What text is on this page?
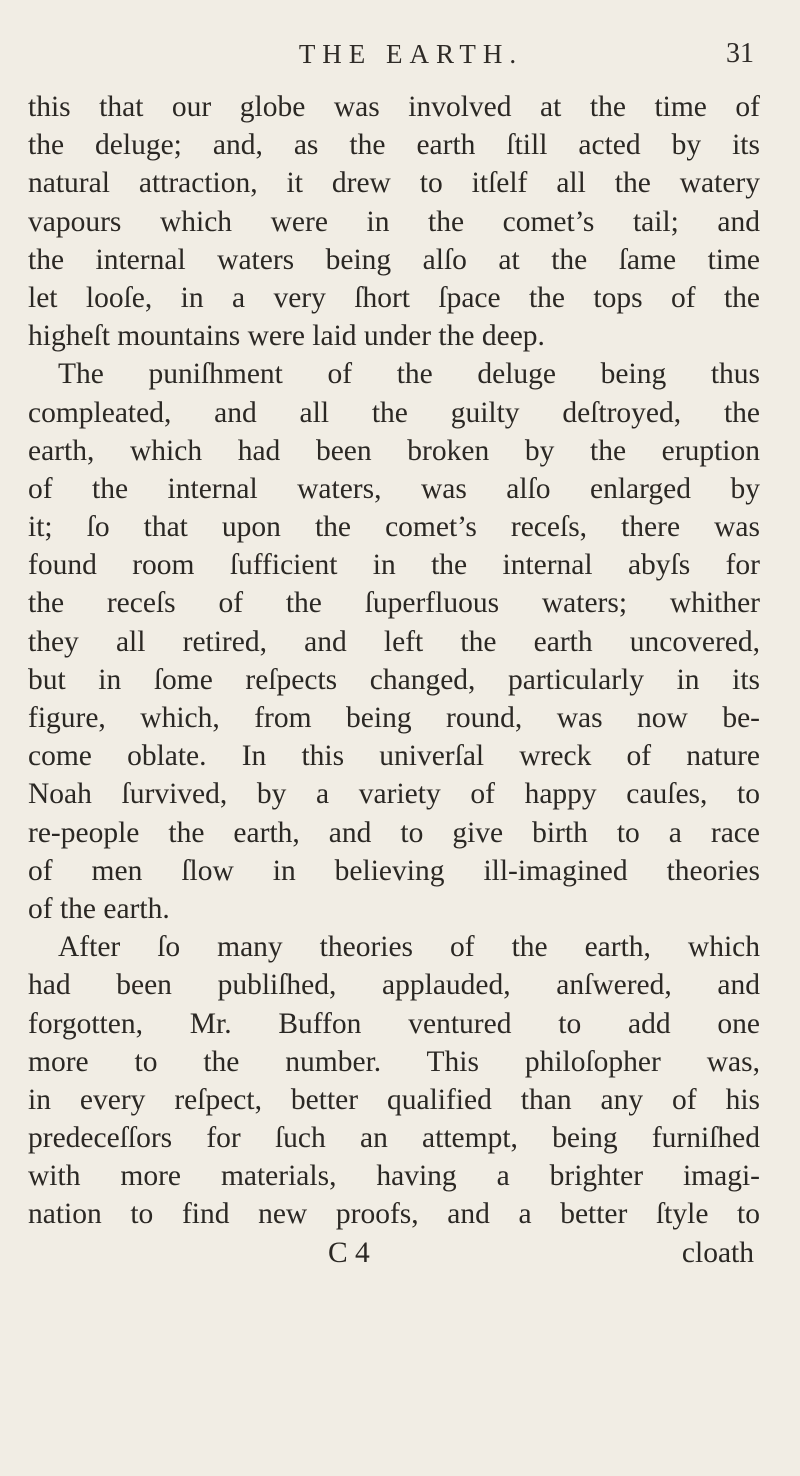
THE EARTH.	31
this that our globe was involved at the time of
the deluge; and, as the earth ſtill acted by its
natural attraction, it drew to itſelf all the watery
vapours which were in the comet’s tail; and
the internal waters being alſo at the ſame time
let looſe, in a very ſhort ſpace the tops of the
higheſt mountains were laid under the deep.
The puniſhment of the deluge being thus
compleated, and all the guilty deſtroyed, the
earth, which had been broken by the eruption
of the internal waters, was alſo enlarged by
it; ſo that upon the comet’s receſs, there was
found room ſufficient in the internal abyſs for
the receſs of the ſuperfluous waters; whither
they all retired, and left the earth uncovered,
but in ſome reſpects changed, particularly in its
figure, which, from being round, was now be-
come oblate. In this univerſal wreck of nature
Noah ſurvived, by a variety of happy cauſes, to
re-people the earth, and to give birth to a race
of men ſlow in believing ill-imagined theories
of the earth.
After ſo many theories of the earth, which
had been publiſhed, applauded, anſwered, and
forgotten, Mr. Buffon ventured to add one
more to the number. This philoſopher was,
in every reſpect, better qualified than any of his
predeceſſors for ſuch an attempt, being furniſhed
with more materials, having a brighter imagi-
nation to find new proofs, and a better ſtyle to
C 4	cloath
